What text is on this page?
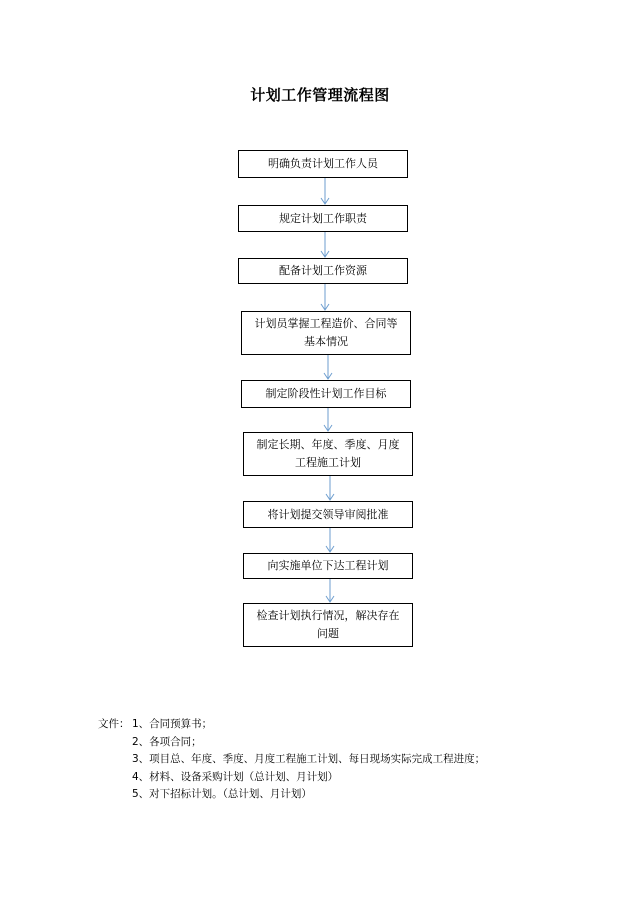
计划工作管理流程图
明确负责计划工作人员
规定计划工作职责
配备计划工作资源
计划员掌握工程造价、合同等
基本情况
制定阶段性计划工作目标
制定长期、年度、季度、月度
工程施工计划
将计划提交领导审阅批准
向实施单位下达工程计划
检查计划执行情况，解决存在
问题
文件： 1、合同预算书；
2、各项合同；
3、项目总、年度、季度、月度工程施工计划、每日现场实际完成工程进度；
4、材料、设备采购计划（总计划、月计划）
5、对下招标计划。（总计划、月计划）
